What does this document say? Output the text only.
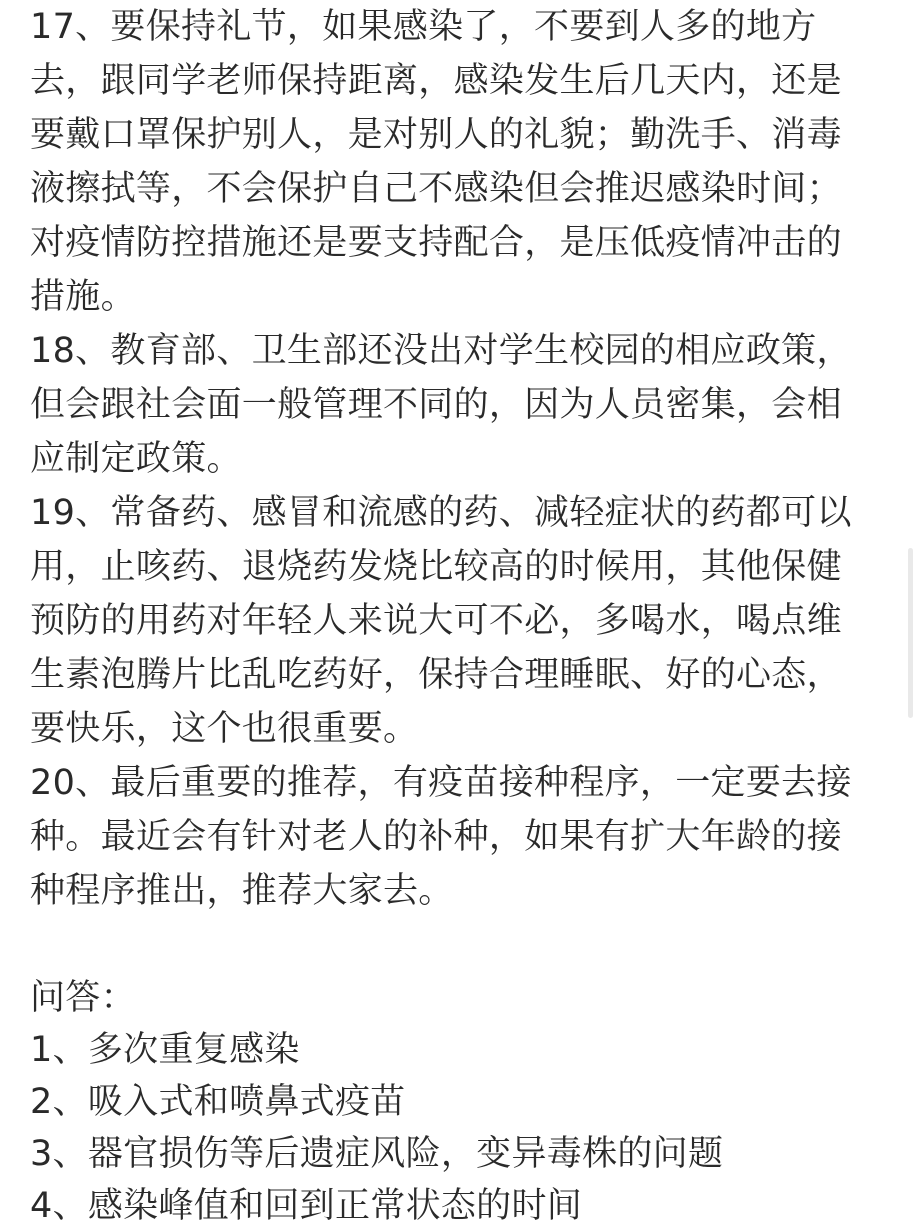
17、要保持礼节，如果感染了，不要到人多的地方
去，跟同学老师保持距离，感染发生后几天内，还是
要戴口罩保护别人，是对别人的礼貌；勤洗手、消毒
液擦拭等，不会保护自己不感染但会推迟感染时间；
对疫情防控措施还是要支持配合，是压低疫情冲击的
措施。
18、教育部、卫生部还没出对学生校园的相应政策，
但会跟社会面一般管理不同的，因为人员密集，会相
应制定政策。
19、常备药、感冒和流感的药、减轻症状的药都可以
用，止咳药、退烧药发烧比较高的时候用，其他保健
预防的用药对年轻人来说大可不必，多喝水，喝点维
生素泡腾片比乱吃药好，保持合理睡眠、好的心态，
要快乐，这个也很重要。
20、最后重要的推荐，有疫苗接种程序，一定要去接
种。最近会有针对老人的补种，如果有扩大年龄的接
种程序推出，推荐大家去。
问答：
1、多次重复感染
2、吸入式和喷鼻式疫苗
3、器官损伤等后遗症风险，变异毒株的问题
4、感染峰值和回到正常状态的时间
